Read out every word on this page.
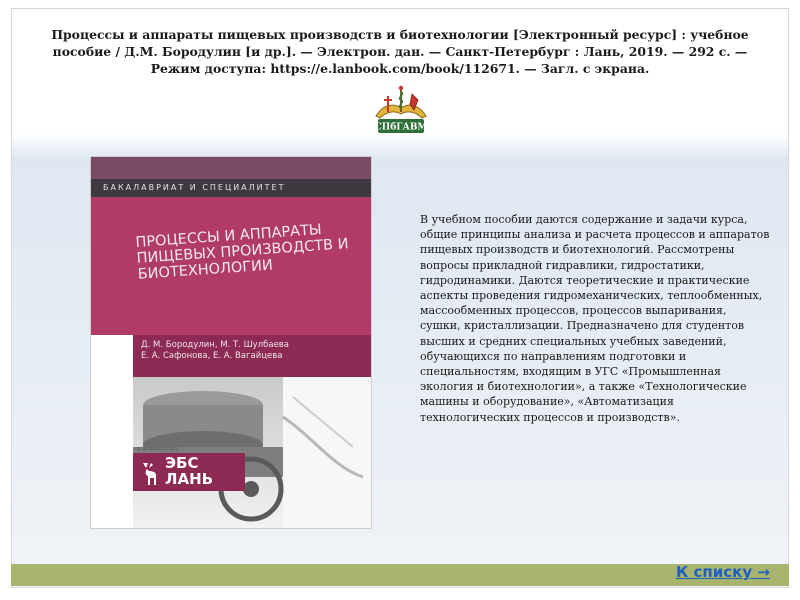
Процессы и аппараты пищевых производств и биотехнологии [Электронный ресурс] : учебное пособие / Д.М. Бородулин [и др.]. — Электрон. дан. — Санкт-Петербург : Лань, 2019. — 292 с. — Режим доступа: https://e.lanbook.com/book/112671. — Загл. с экрана.
СПбГАВМ
БАКАЛАВРИАТ И СПЕЦИАЛИТЕТ
ПРОЦЕССЫ И АППАРАТЫ ПИЩЕВЫХ ПРОИЗВОДСТВ И БИОТЕХНОЛОГИИ
Д. М. Бородулин, М. Т. Шулбаева
Е. А. Сафонова, Е. А. Вагайцева
e.lanbook.com
ЭБС
ЛАНЬ
В учебном пособии даются содержание и задачи курса, общие принципы анализа и расчета процессов и аппаратов пищевых производств и биотехнологий. Рассмотрены вопросы прикладной гидравлики, гидростатики, гидродинамики. Даются теоретические и практические аспекты проведения гидромеханических, теплообменных, массообменных процессов, процессов выпаривания, сушки, кристаллизации. Предназначено для студентов высших и средних специальных учебных заведений, обучающихся по направлениям подготовки и специальностям, входящим в УГС «Промышленная экология и биотехнологии», а также «Технологические машины и оборудование», «Автоматизация технологических процессов и производств».
К списку →
